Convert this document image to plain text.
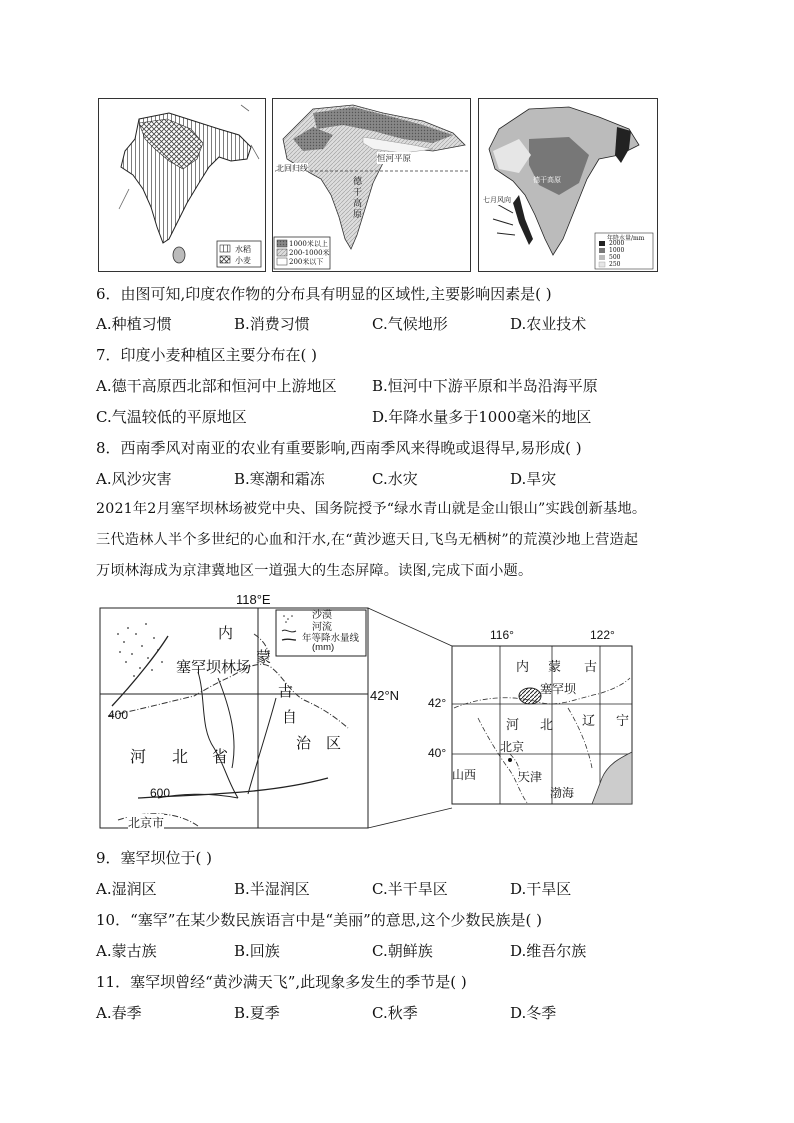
水稻
小麦
恒河平原
北回归线
德 干 高 原
1000米以上
200-1000米
200米以下
德干高原
七月风向
年降水量/mm
2000
1000
500
250
6．由图可知,印度农作物的分布具有明显的区域性,主要影响因素是( )
A.种植习惯	B.消费习惯	C.气候地形	D.农业技术
7．印度小麦种植区主要分布在( )
A.德干高原西北部和恒河中上游地区 B.恒河中下游平原和半岛沿海平原
C.气温较低的平原地区	D.年降水量多于1000毫米的地区
8．西南季风对南亚的农业有重要影响,西南季风来得晚或退得早,易形成( )
A.风沙灾害	B.寒潮和霜冻	C.水灾	D.旱灾
2021年2月塞罕坝林场被党中央、国务院授予“绿水青山就是金山银山”实践创新基地。
三代造林人半个多世纪的心血和汗水,在“黄沙遮天日,飞鸟无栖树”的荒漠沙地上营造起
万顷林海成为京津冀地区一道强大的生态屏障。读图,完成下面小题。
118°E
42°N
沙漠
河流
年等降水量线
(mm)
内
蒙
塞罕坝林场
古
自
治 区
河 北 省
400
600
北京市
116°	122°
42°
40°
内 蒙 古
塞罕坝
河 北 辽 宁
北京
山西	天津
渤海
9．塞罕坝位于( )
A.湿润区	B.半湿润区	C.半干旱区	D.干旱区
10．“塞罕”在某少数民族语言中是“美丽”的意思,这个少数民族是( )
A.蒙古族	B.回族	C.朝鲜族	D.维吾尔族
11．塞罕坝曾经“黄沙满天飞”,此现象多发生的季节是( )
A.春季	B.夏季	C.秋季	D.冬季
